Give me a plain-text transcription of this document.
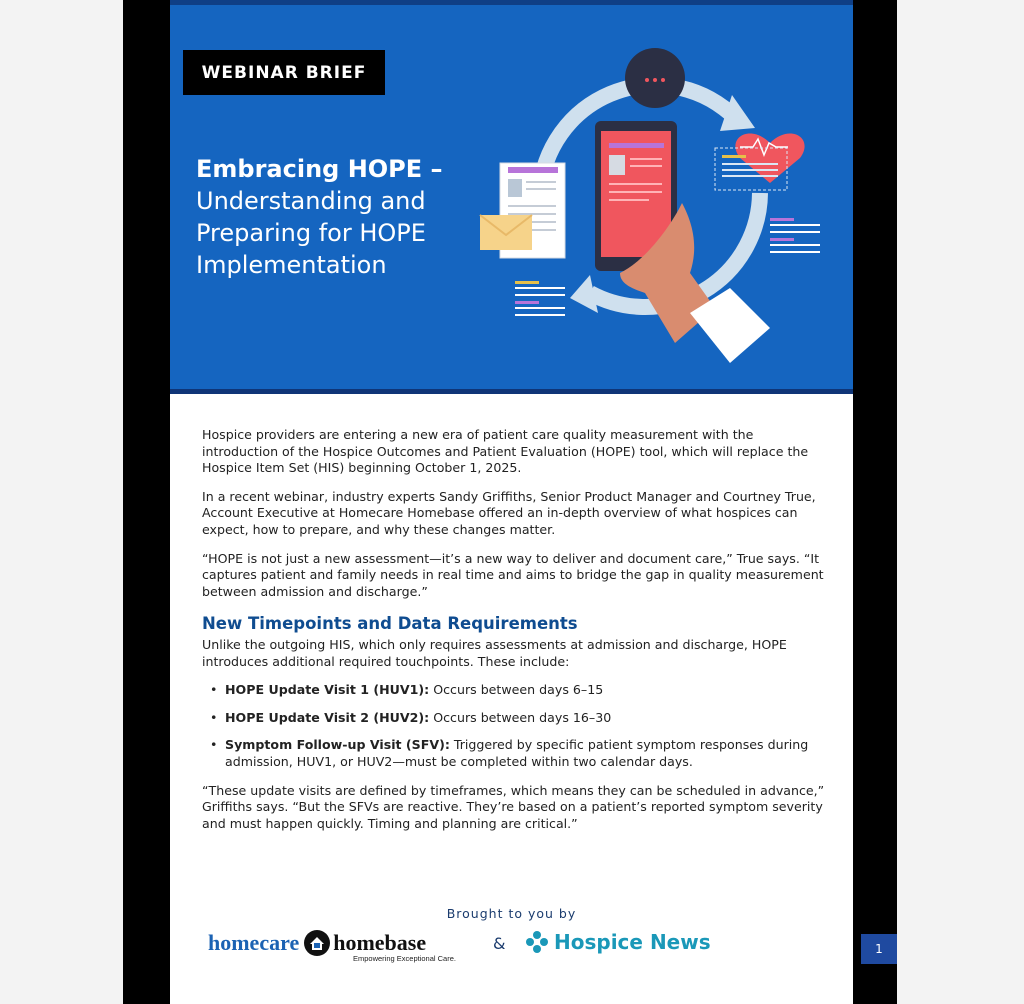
WEBINAR BRIEF
Embracing HOPE –
Understanding and
Preparing for HOPE
Implementation

Hospice providers are entering a new era of patient care quality measurement with the introduction of the Hospice Outcomes and Patient Evaluation (HOPE) tool, which will replace the Hospice Item Set (HIS) beginning October 1, 2025.

In a recent webinar, industry experts Sandy Griffiths, Senior Product Manager and Courtney True, Account Executive at Homecare Homebase offered an in-depth overview of what hospices can expect, how to prepare, and why these changes matter.

“HOPE is not just a new assessment—it’s a new way to deliver and document care,” True says. “It captures patient and family needs in real time and aims to bridge the gap in quality measurement between admission and discharge.”

New Timepoints and Data Requirements

Unlike the outgoing HIS, which only requires assessments at admission and discharge, HOPE introduces additional required touchpoints. These include:

• HOPE Update Visit 1 (HUV1): Occurs between days 6–15
• HOPE Update Visit 2 (HUV2): Occurs between days 16–30
• Symptom Follow-up Visit (SFV): Triggered by specific patient symptom responses during admission, HUV1, or HUV2—must be completed within two calendar days.

“These update visits are defined by timeframes, which means they can be scheduled in advance,” Griffiths says. “But the SFVs are reactive. They’re based on a patient’s reported symptom severity and must happen quickly. Timing and planning are critical.”

Brought to you by
homecare homebase
Empowering Exceptional Care.
& Hospice News	1
